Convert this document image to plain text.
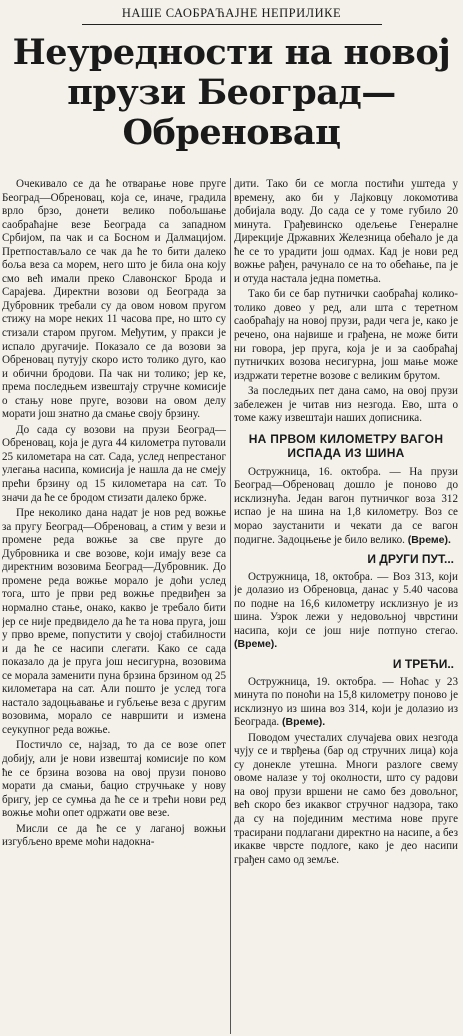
НАШЕ САОБРАЋАЈНЕ НЕПРИЛИКЕ
Неуредности на новој прузи Београд—Обреновац

Очекивало се да ће отварање нове пруге Београд—Обреновац, која се, иначе, градила врло брзо, донети велико побољшање саобраћајне везе Београда са западном Србијом, па чак и са Босном и Далмацијом. Претпостављало се чак да ће то бити далеко боља веза са морем, него што је била она коју смо већ имали преко Славонског Брода и Сарајева. Директни возови од Београда за Дубровник требали су да овом новом пругом стижу на море неких 11 часова пре, но што су стизали старом пругом. Међутим, у пракси је испало другачије. Показало се да возови за Обреновац путују скоро исто толико дуго, као и обични бродови. Па чак ни толико; јер ке, према последњем извештају стручне комисије о стању нове пруге, возови на овом делу морати још знатно да смање своју брзину.

До сада су возови на прузи Београд—Обреновац, која је дуга 44 километра путовали 25 километара на сат. Сада, услед непрестаног улегања насипа, комисија је нашла да не смеју прећи брзину од 15 километара на сат. То значи да ће се бродом стизати далеко брже.

Пре неколико дана надат је нов ред вожње за пругу Београд—Обреновац, а стим у вези и промене реда вожње за све пруге до Дубровника и све возове, који имају везе са директним возовима Београд—Дубровник. До промене реда вожње морало је доћи услед тога, што је први ред вожње предвиђен за нормално стање, онако, какво је требало бити јер се није предвидело да ће та нова пруга, још у прво време, попустити у својој стабилности и да ће се насипи слегати. Како се сада показало да је пруга још несигурна, возовима се морала заменити пуна брзина брзином од 25 километара на сат. Али пошто је услед тога настало задоцњавање и губљење веза с другим возовима, морало се навршити и измена сеукупног реда вожње.

Постичло се, најзад, то да се возе опет добију, али је нови извештај комисије по ком ће се брзина возова на овој прузи поново морати да смањи, бацио стручњаке у нову бригу, јер се сумња да ће се и трећи нови ред вожње моћи опет одржати ове везе.

Мисли се да ће се у лаганој вожњи изгубљено време моћи надокна-

дити. Тако би се могла постићи уштеда у времену, ако би у Лајковцу локомотива добијала воду. До сада се у томе губило 20 минута. Грађевинско одељење Генералне Дирекције Државних Железница обећало је да ће се то урадити још одмах. Кад је нови ред вожње рађен, рачунало се на то обећање, па је и отуда настала једна пометња.

Тако би се бар путнички саобраћај колико-толико довео у ред, али шта с теретном саобраћају на новој прузи, ради чега је, како је речено, она највише и грађена, не може бити ни говора, јер пруга, која је и за саобраћај путничких возова несигурна, још мање може издржати теретне возове с великим брутом.

За последњих пет дана само, на овој прузи забележен је читав низ незгода. Ево, шта о томе кажу извештаји наших дописника.

НА ПРВОМ КИЛОМЕТРУ ВАГОН ИСПАДА ИЗ ШИНА

Остружница, 16. октобра. — На прузи Београд—Обреновац дошло је поново до исклизнућа. Један вагон путничког воза 312 испао је на шина на 1,8 километру. Воз се морао заустанити и чекати да се вагон подигне. Задоцњење је било велико. (Време).

И ДРУГИ ПУТ...

Остружница, 18, октобра. — Воз 313, који је долазио из Обреновца, данас у 5.40 часова по подне на 16,6 километру исклизнуо је из шина. Узрок лежи у недовољној чврстини насипа, који се још није потпуно стегао. (Време).

И ТРЕЋИ..

Остружница, 19. октобра. — Ноћас у 23 минута по поноћи на 15,8 километру поново је исклизнуо из шина воз 314, који је долазио из Београда. (Време).

Поводом учесталих случајева ових незгода чују се и тврђења (бар од стручних лица) која су донекле утешна. Многи разлоге свему овоме налазе у тој околности, што су радови на овој прузи вршени не само без довољног, већ скоро без икаквог стручног надзора, тако да су на појединим местима нове пруге трасирани подлагани директно на насипе, а без икакве чврсте подлоге, како је део насипи грађен само од земље.
